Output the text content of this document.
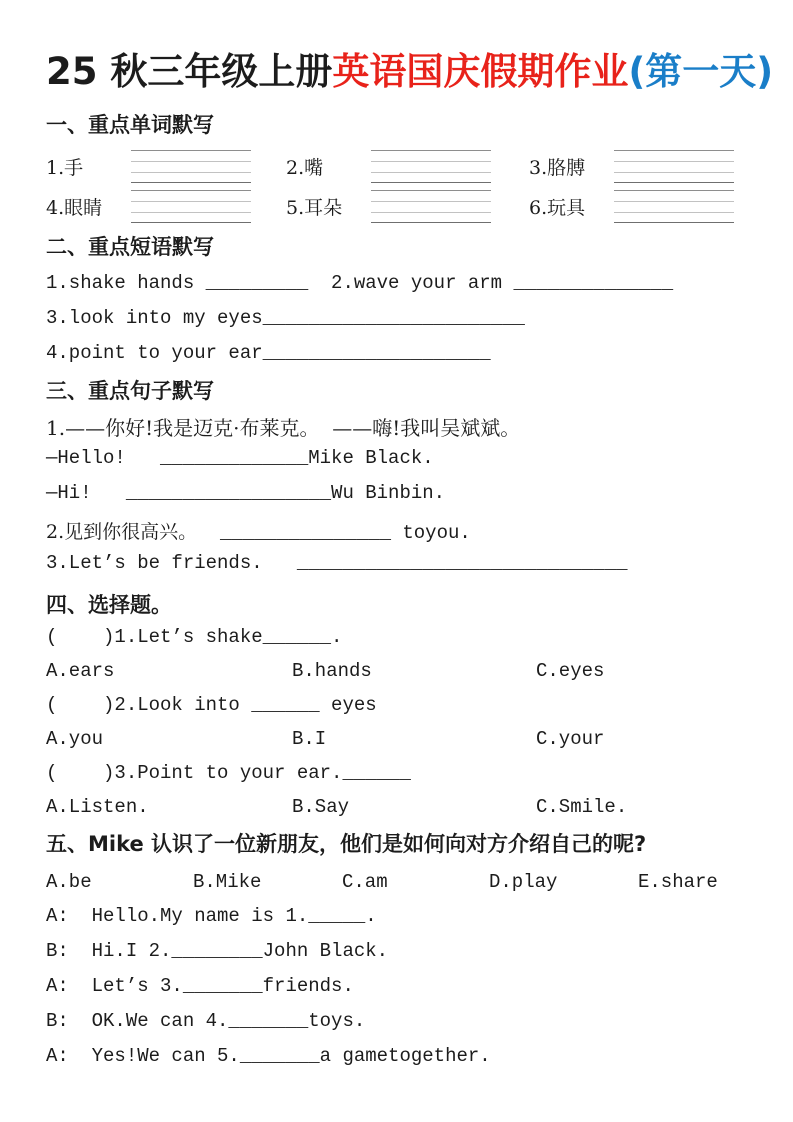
25 秋三年级上册英语国庆假期作业(第一天)
一、重点单词默写
1.手	2.嘴	3.胳膊
4.眼睛	5.耳朵	6.玩具
二、重点短语默写
1.shake hands _________  2.wave your arm ______________
3.look into my eyes_______________________
4.point to your ear____________________
三、重点句子默写
1.——你好!我是迈克·布莱克。  ——嗨!我叫吴斌斌。
—Hello!   _____________Mike Black.
—Hi!   __________________Wu Binbin.
2.见到你很高兴。  _______________ toyou.
3.Let’s be friends.   _____________________________
四、选择题。
(    )1.Let’s shake______.
A.ears	B.hands	C.eyes
(    )2.Look into ______ eyes
A.you	B.I	C.your
(    )3.Point to your ear.______
A.Listen.	B.Say	C.Smile.
五、Mike 认识了一位新朋友，他们是如何向对方介绍自己的呢?
A.be	B.Mike	C.am	D.play	E.share
A:  Hello.My name is 1._____.
B:  Hi.I 2.________John Black.
A:  Let’s 3._______friends.
B:  OK.We can 4._______toys.
A:  Yes!We can 5._______a gametogether.
